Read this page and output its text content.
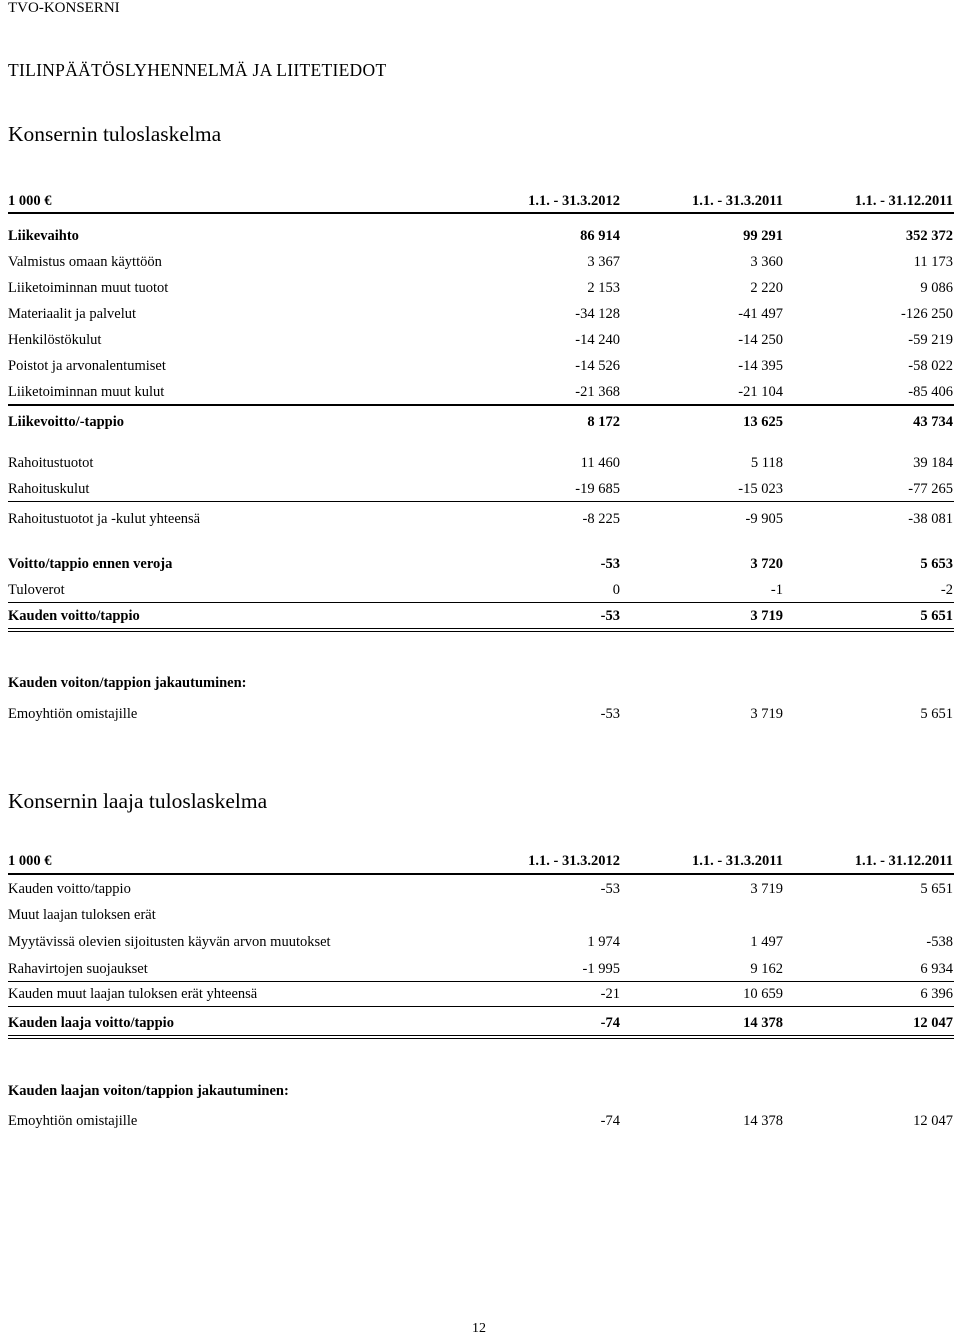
TVO-KONSERNI
TILINPÄÄTÖSLYHENNELMÄ JA LIITETIEDOT
Konsernin tuloslaskelma
1 000 €	1.1. - 31.3.2012	1.1. - 31.3.2011	1.1. - 31.12.2011
Liikevaihto	86 914	99 291	352 372
Valmistus omaan käyttöön	3 367	3 360	11 173
Liiketoiminnan muut tuotot	2 153	2 220	9 086
Materiaalit ja palvelut	-34 128	-41 497	-126 250
Henkilöstökulut	-14 240	-14 250	-59 219
Poistot ja arvonalentumiset	-14 526	-14 395	-58 022
Liiketoiminnan muut kulut	-21 368	-21 104	-85 406
Liikevoitto/-tappio	8 172	13 625	43 734
Rahoitustuotot	11 460	5 118	39 184
Rahoituskulut	-19 685	-15 023	-77 265
Rahoitustuotot ja -kulut yhteensä	-8 225	-9 905	-38 081
Voitto/tappio ennen veroja	-53	3 720	5 653
Tuloverot	0	-1	-2
Kauden voitto/tappio	-53	3 719	5 651
Kauden voiton/tappion jakautuminen:
Emoyhtiön omistajille	-53	3 719	5 651
Konsernin laaja tuloslaskelma
1 000 €	1.1. - 31.3.2012	1.1. - 31.3.2011	1.1. - 31.12.2011
Kauden voitto/tappio	-53	3 719	5 651
Muut laajan tuloksen erät
Myytävissä olevien sijoitusten käyvän arvon muutokset	1 974	1 497	-538
Rahavirtojen suojaukset	-1 995	9 162	6 934
Kauden muut laajan tuloksen erät yhteensä	-21	10 659	6 396
Kauden laaja voitto/tappio	-74	14 378	12 047
Kauden laajan voiton/tappion jakautuminen:
Emoyhtiön omistajille	-74	14 378	12 047
12
